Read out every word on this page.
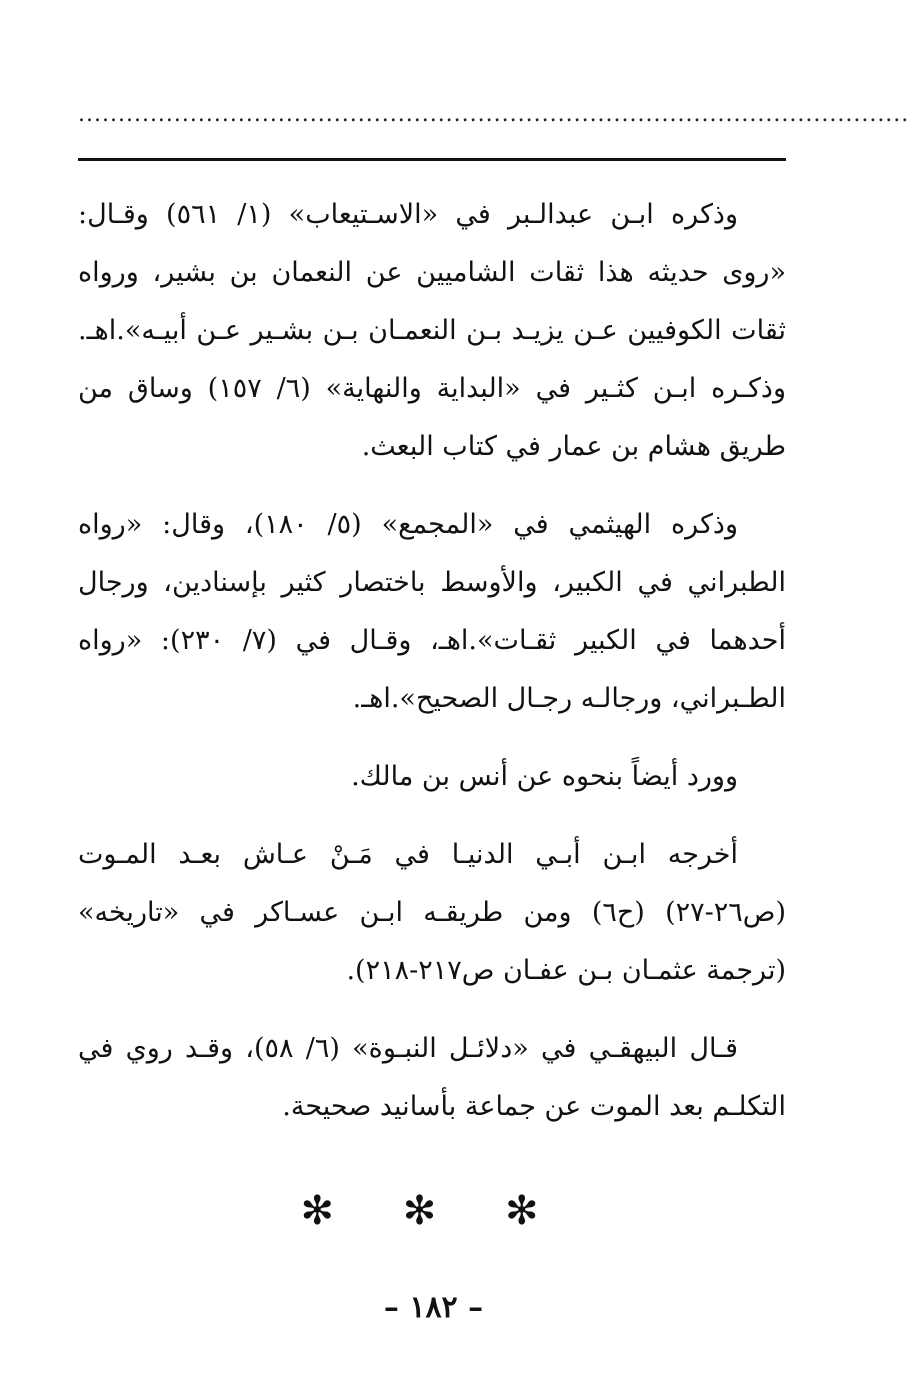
........................................................................................................

وذكره ابـن عبدالـبر في «الاسـتيعاب» (١/ ٥٦١) وقـال: «روى حديثه هذا ثقات الشاميين عن النعمان بن بشير، ورواه ثقات الكوفيين عـن يزيـد بـن النعمـان بـن بشـير عـن أبيـه».اهـ. وذكـره ابـن كثـير في «البداية والنهاية» (٦/ ١٥٧) وساق من طريق هشام بن عمار في كتاب البعث.

وذكره الهيثمي في «المجمع» (٥/ ١٨٠)، وقال: «رواه الطبراني في الكبير، والأوسط باختصار كثير بإسنادين، ورجال أحدهما في الكبير ثقـات».اهـ، وقـال في (٧/ ٢٣٠): «رواه الطـبراني، ورجالـه رجـال الصحيح».اهـ.

وورد أيضاً بنحوه عن أنس بن مالك.

أخرجه ابـن أبـي الدنيـا في مَـنْ عـاش بعـد المـوت (ص٢٦-٢٧) (ح٦) ومن طريقـه ابـن عسـاكر في «تاريخه» (ترجمة عثمـان بـن عفـان ص٢١٧-٢١٨).

قـال البيهقـي في «دلائـل النبـوة» (٦/ ٥٨)، وقـد روي في التكلـم بعد الموت عن جماعة بأسانيد صحيحة.

✻ ✻ ✻
– ١٨٢ –
